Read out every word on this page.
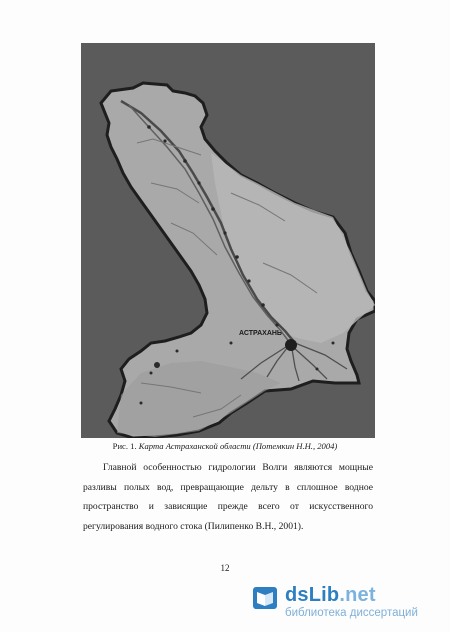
АСТРАХАНЬ
Рис. 1. Карта Астраханской области (Потемкин Н.Н., 2004)
Главной особенностью гидрологии Волги являются мощные разливы полых вод, превращающие дельту в сплошное водное пространство и зависящие прежде всего от искусственного регулирования водного стока (Пилипенко В.Н., 2001).
12
dsLib.net
библиотека диссертаций
